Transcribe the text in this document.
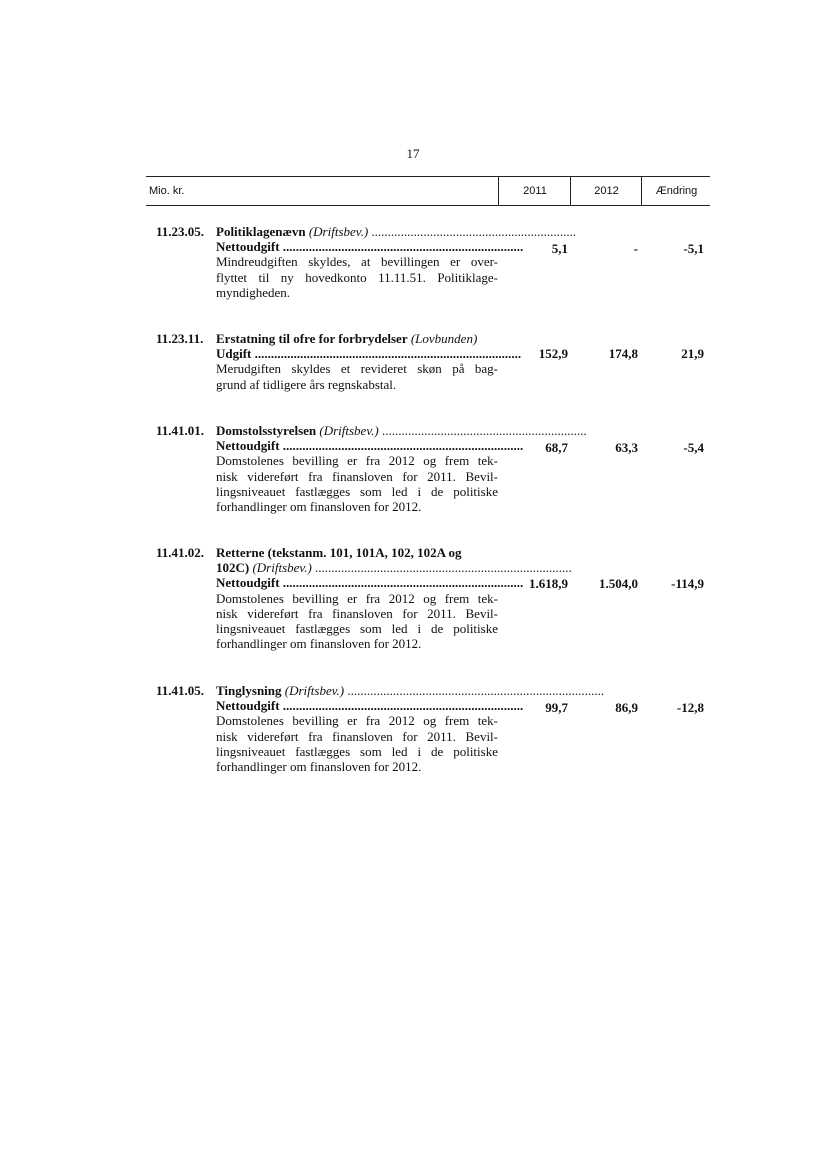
17
Mio. kr.	2011	2012	Ændring
11.23.05. Politiklagenævn (Driftsbev.) ...............................................................
Nettoudgift ..........................................................................	5,1	-	-5,1
Mindreudgiften skyldes, at bevillingen er over-
flyttet til ny hovedkonto 11.11.51. Politiklage-
myndigheden.
11.23.11. Erstatning til ofre for forbrydelser (Lovbunden)
Udgift ..................................................................................	152,9	174,8	21,9
Merudgiften skyldes et revideret skøn på bag-
grund af tidligere års regnskabstal.
11.41.01. Domstolsstyrelsen (Driftsbev.) ...............................................................
Nettoudgift ..........................................................................	68,7	63,3	-5,4
Domstolenes bevilling er fra 2012 og frem tek-
nisk videreført fra finansloven for 2011. Bevil-
lingsniveauet fastlægges som led i de politiske
forhandlinger om finansloven for 2012.
11.41.02. Retterne (tekstanm. 101, 101A, 102, 102A og
102C) (Driftsbev.) ...............................................................................
Nettoudgift .......................................................................... 1.618,9	1.504,0	-114,9
Domstolenes bevilling er fra 2012 og frem tek-
nisk videreført fra finansloven for 2011. Bevil-
lingsniveauet fastlægges som led i de politiske
forhandlinger om finansloven for 2012.
11.41.05. Tinglysning (Driftsbev.) ...............................................................................
Nettoudgift ..........................................................................	99,7	86,9	-12,8
Domstolenes bevilling er fra 2012 og frem tek-
nisk videreført fra finansloven for 2011. Bevil-
lingsniveauet fastlægges som led i de politiske
forhandlinger om finansloven for 2012.
